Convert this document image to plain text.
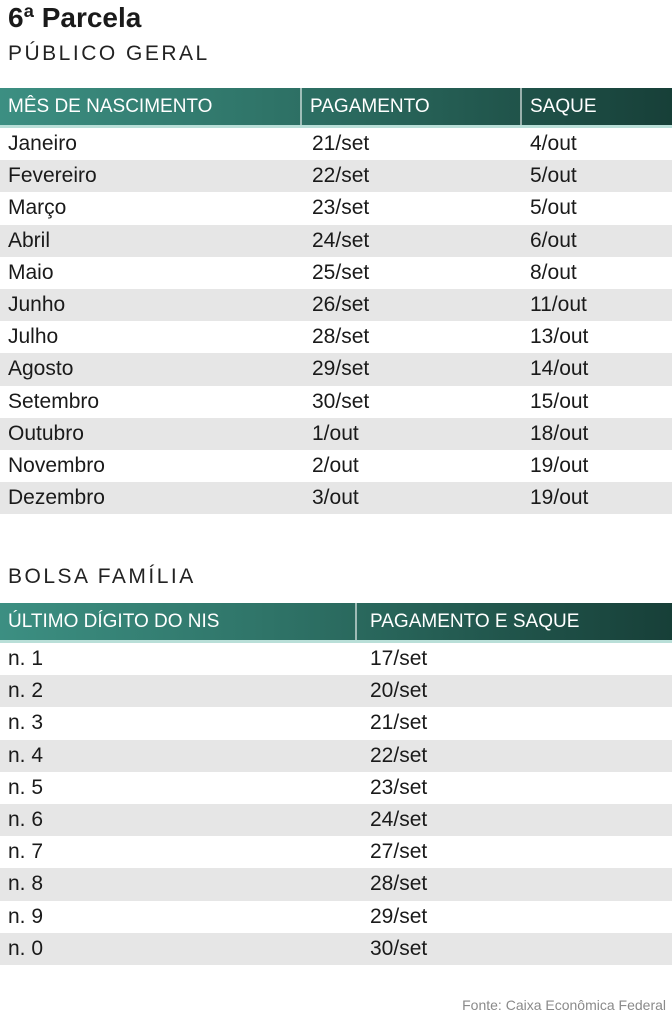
6ª Parcela
PÚBLICO GERAL
MÊS DE NASCIMENTO	PAGAMENTO	SAQUE
Janeiro	21/set	4/out
Fevereiro	22/set	5/out
Março	23/set	5/out
Abril	24/set	6/out
Maio	25/set	8/out
Junho	26/set	11/out
Julho	28/set	13/out
Agosto	29/set	14/out
Setembro	30/set	15/out
Outubro	1/out	18/out
Novembro	2/out	19/out
Dezembro	3/out	19/out
BOLSA FAMÍLIA
ÚLTIMO DÍGITO DO NIS	PAGAMENTO E SAQUE
n. 1	17/set
n. 2	20/set
n. 3	21/set
n. 4	22/set
n. 5	23/set
n. 6	24/set
n. 7	27/set
n. 8	28/set
n. 9	29/set
n. 0	30/set
Fonte: Caixa Econômica Federal
